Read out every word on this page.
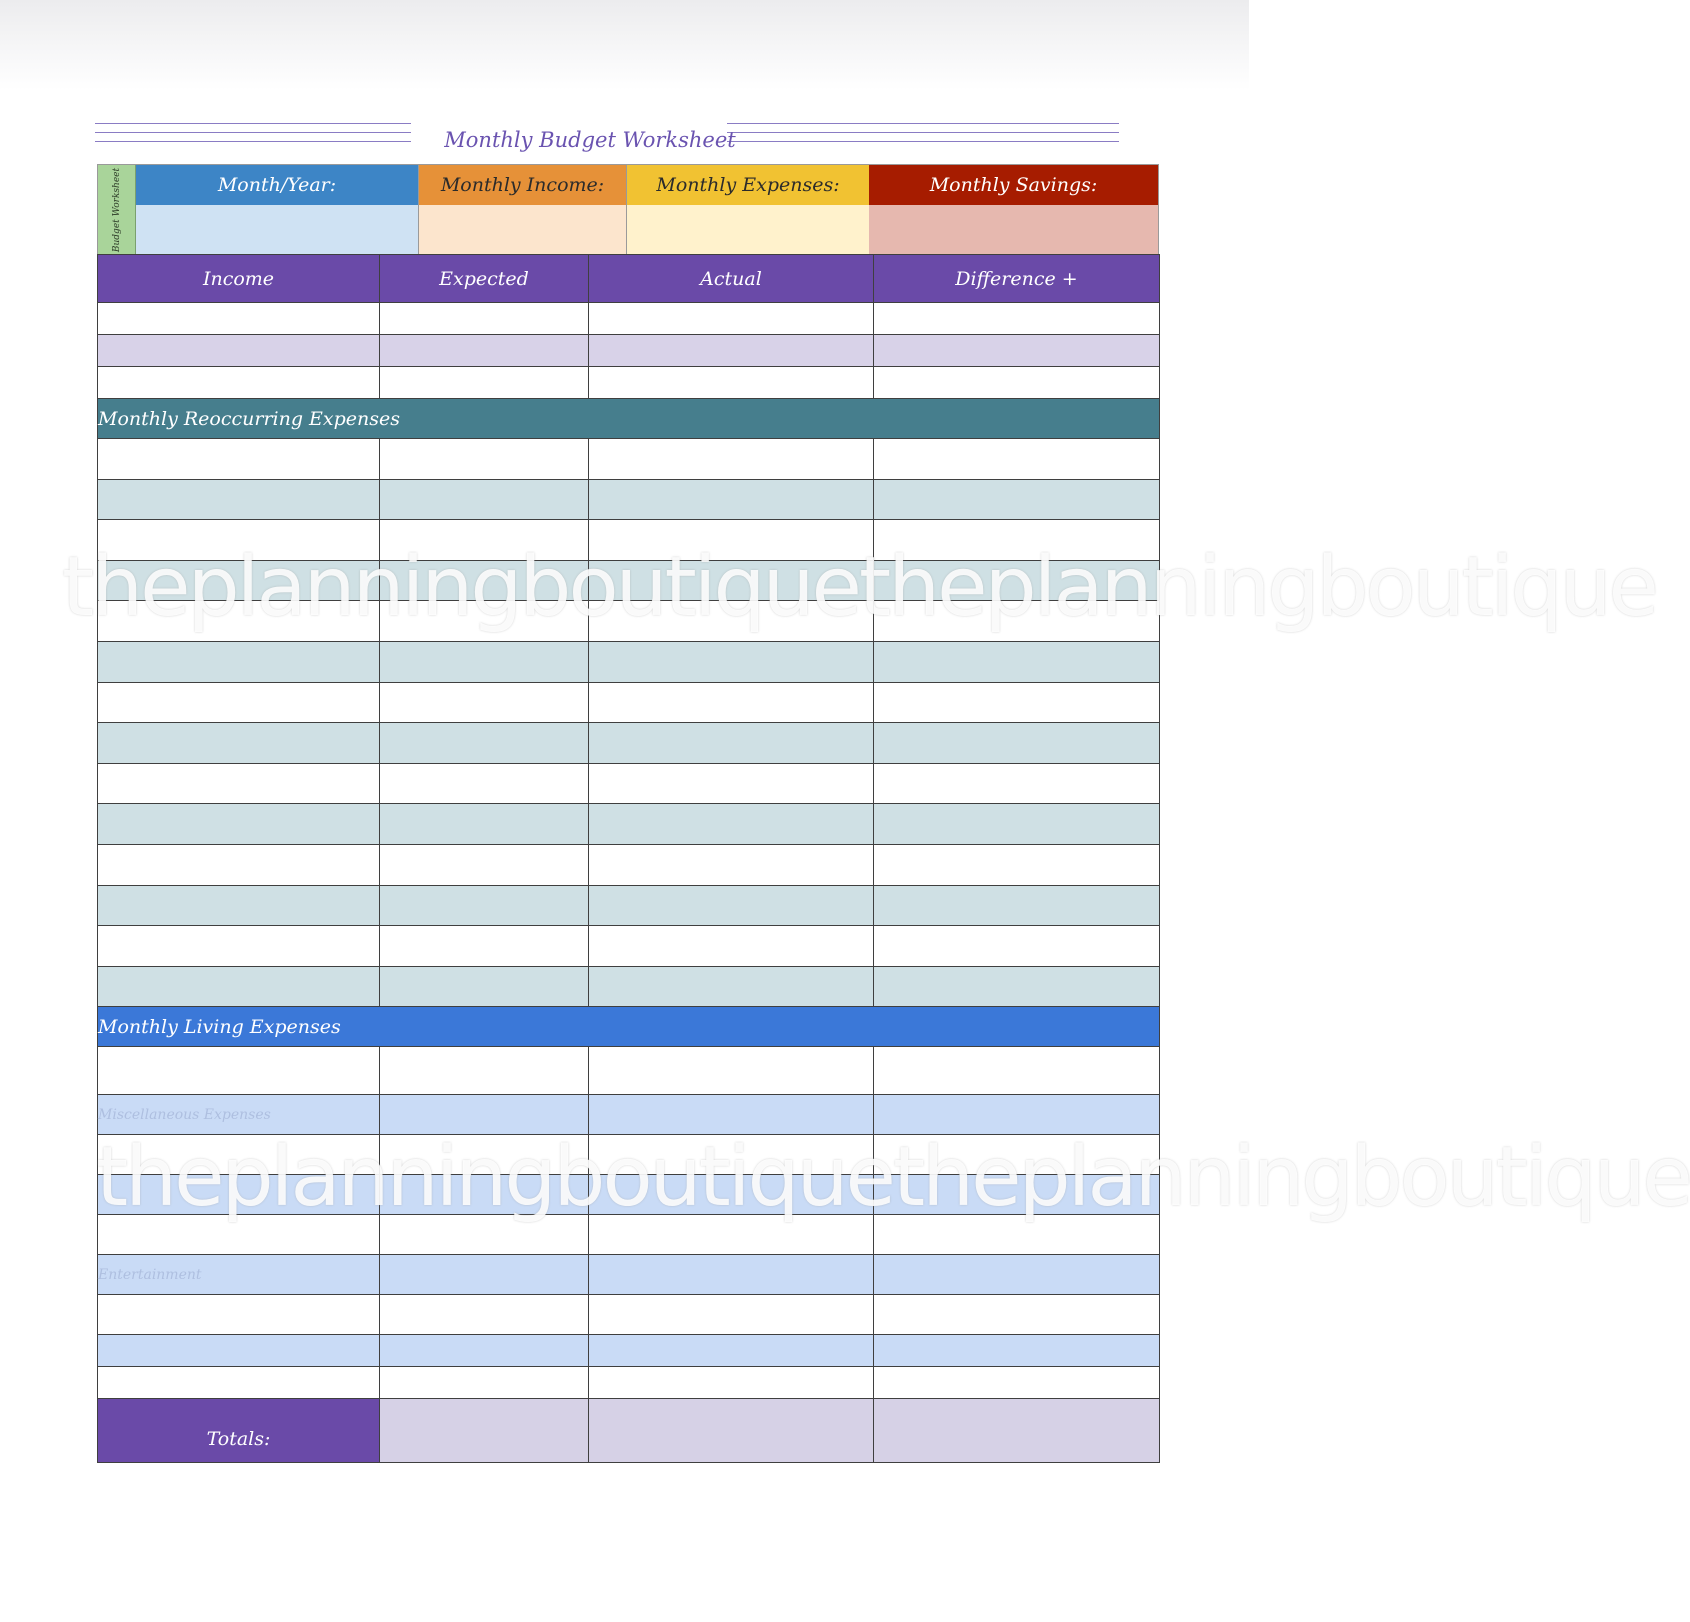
Monthly Budget Worksheet
Budget Worksheet	Month/Year:	Monthly Income:	Monthly Expenses:	Monthly Savings:
Income	Expected	Actual	Difference +

Monthly Reoccurring Expenses			

Monthly Living Expenses			

Miscellaneous Expenses			

Entertainment			

Totals:			
theplanningboutiquetheplanningboutique
theplanningboutiquetheplanningboutique
